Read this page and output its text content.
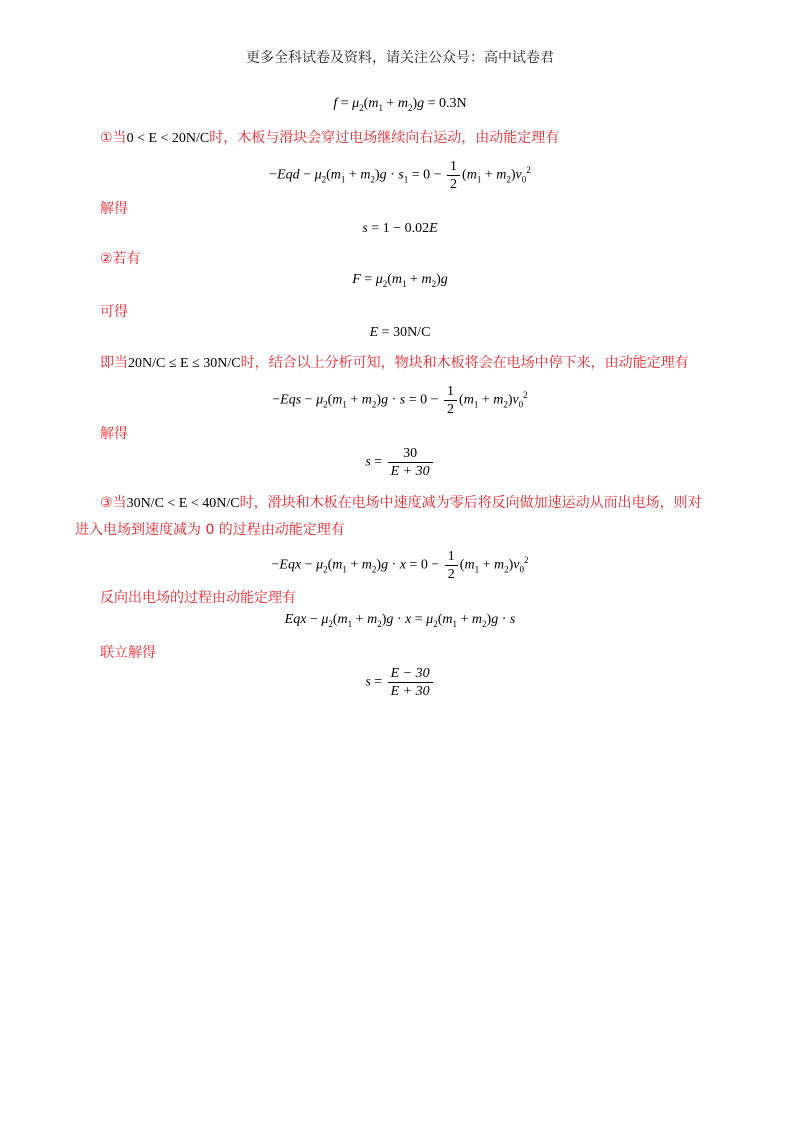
更多全科试卷及资料，请关注公众号：高中试卷君
$f = \mu_2(m_1 + m_2)g = 0.3N$
①当0 < E < 20N/C时，木板与滑块会穿过电场继续向右运动，由动能定理有
$-Eqd - \mu_2(m_1 + m_2)g \cdot s_1 = 0 - \frac{1}{2} (m_1 + m_2)v_0^2$
解得
s = 1 − 0.02E
②若有
$F = \mu_2(m_1 + m_2)g$
可得
E = 30N/C
即当20N/C ≤ E ≤ 30N/C时，结合以上分析可知，物块和木板将会在电场中停下来，由动能定理有
$-Eqs - \mu_2(m_1 + m_2)g \cdot s = 0 - \frac{1}{2} (m_1 + m_2)v_0^2$
解得
$s = \frac{30}{E + 30}$
③当30N/C < E < 40N/C时，滑块和木板在电场中速度减为零后将反向做加速运动从而出电场，则对
进入电场到速度减为 0 的过程由动能定理有
$-Eqx - \mu_2(m_1 + m_2)g \cdot x = 0 - \frac{1}{2} (m_1 + m_2)v_0^2$
反向出电场的过程由动能定理有
Eqx − $\mu_2(m_1 + m_2)g \cdot x = \mu_2(m_1 + m_2)g \cdot s$
联立解得
$s = \frac{E - 30}{E + 30}$
